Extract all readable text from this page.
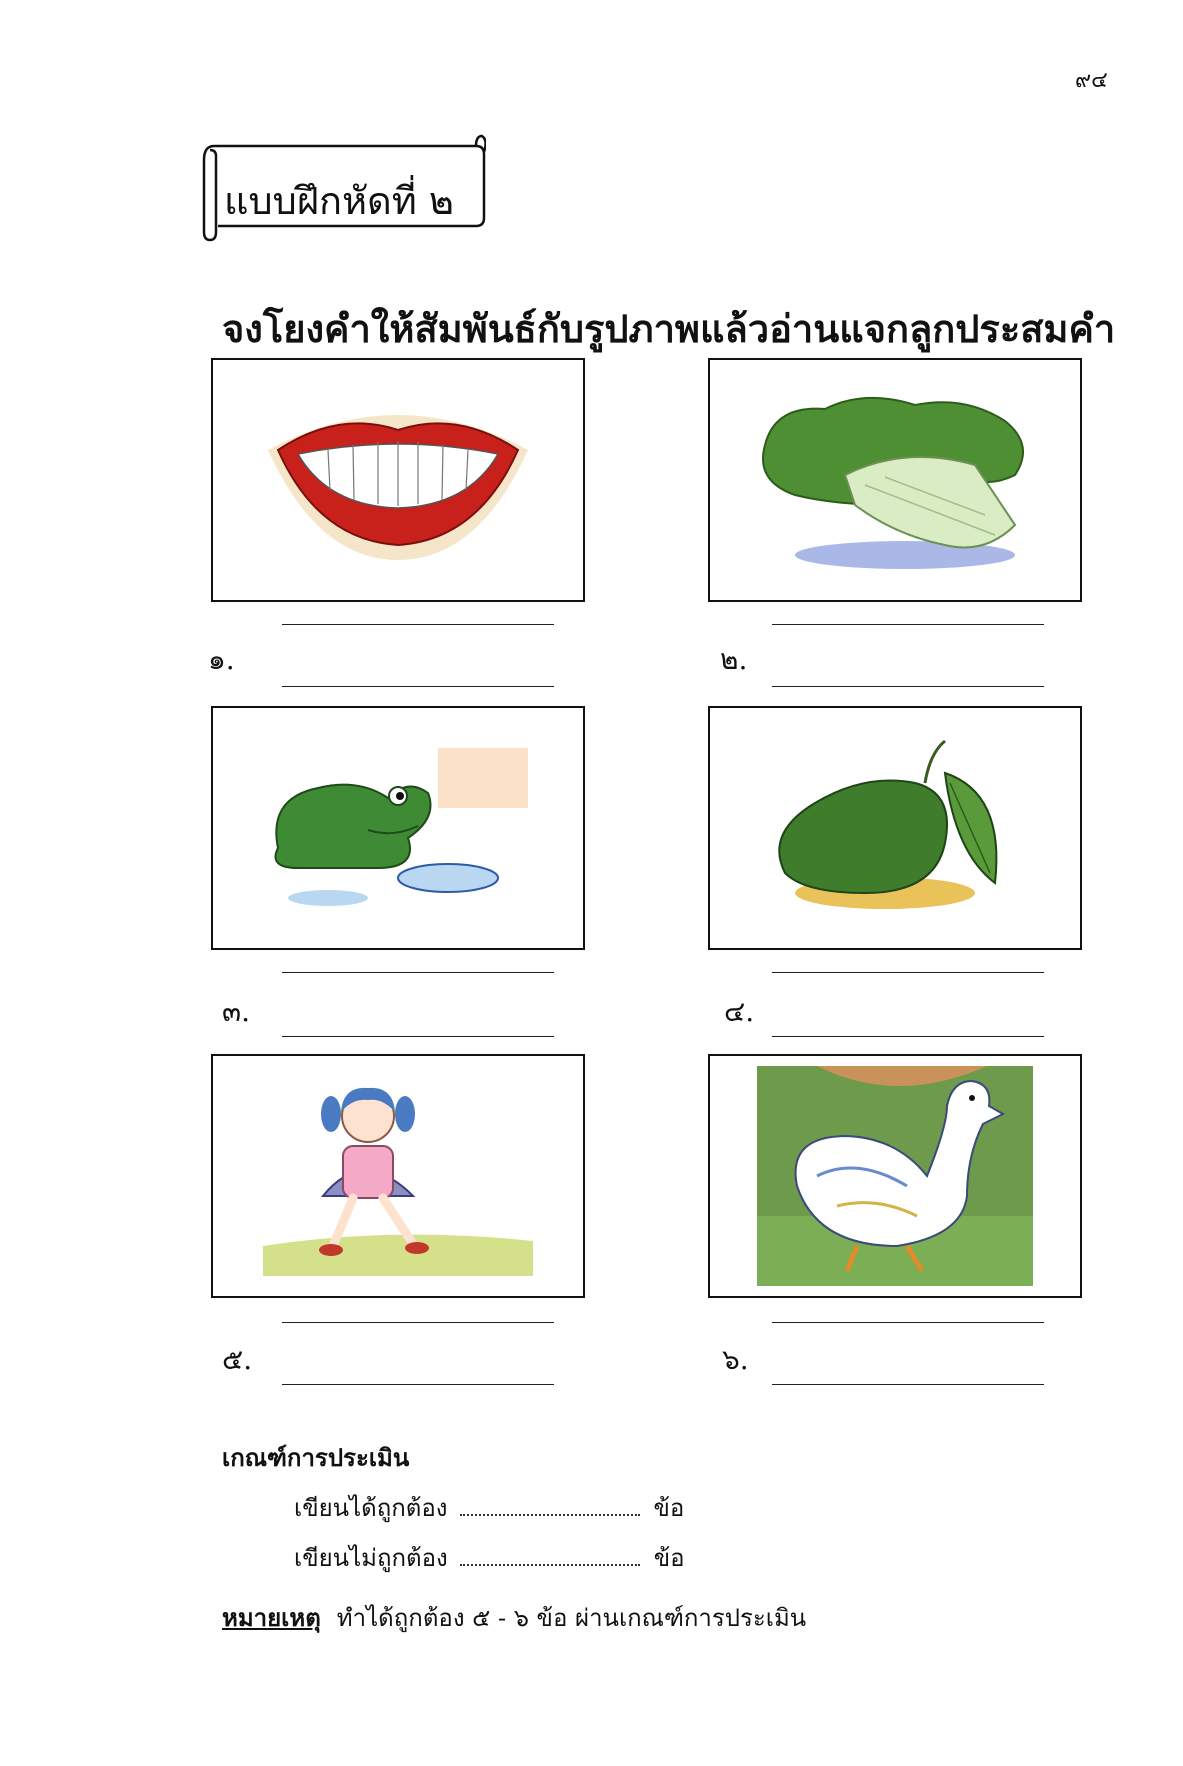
๙๔
แบบฝึกหัดที่ ๒
จงโยงคำให้สัมพันธ์กับรูปภาพแล้วอ่านแจกลูกประสมคำ
๑.	๒.
๓.	๔.
๕.	๖.
เกณฑ์การประเมิน
เขียนได้ถูกต้อง	ข้อ
เขียนไม่ถูกต้อง	ข้อ
หมายเหตุ ทำได้ถูกต้อง ๕ - ๖ ข้อ ผ่านเกณฑ์การประเมิน
